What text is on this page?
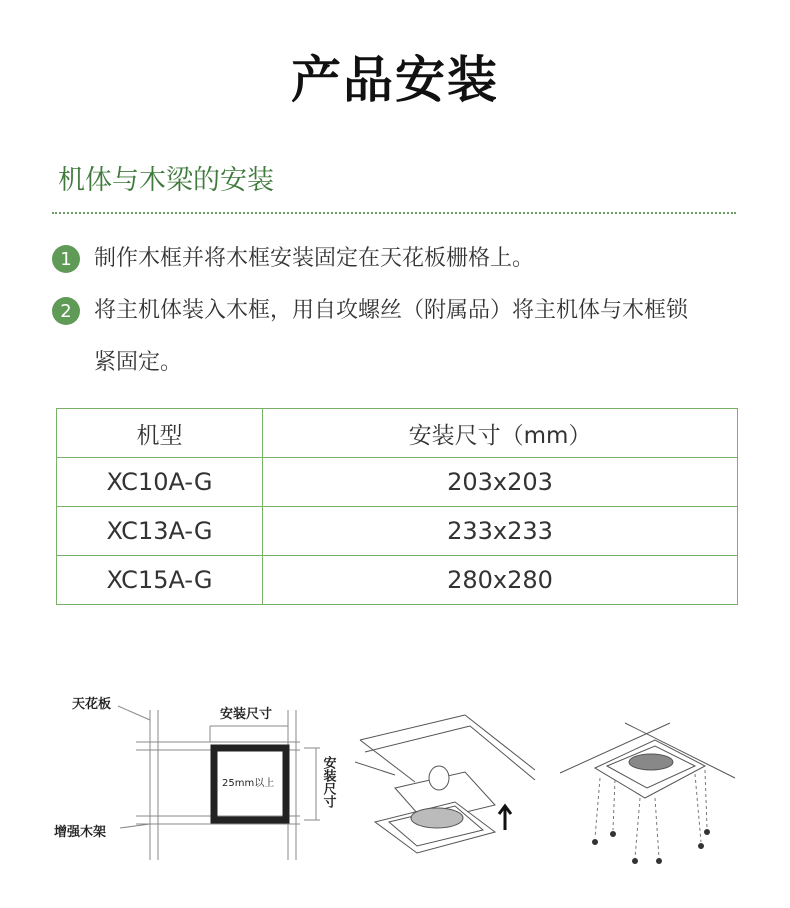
产品安装
机体与木梁的安装
1	制作木框并将木框安装固定在天花板栅格上。
2	将主机体装入木框，用自攻螺丝（附属品）将主机体与木框锁
紧固定。
机型	安装尺寸（mm）
XC10A-G	203x203
XC13A-G	233x233
XC15A-G	280x280
天花板
安装尺寸
安装尺寸
25mm以上
增强木架
